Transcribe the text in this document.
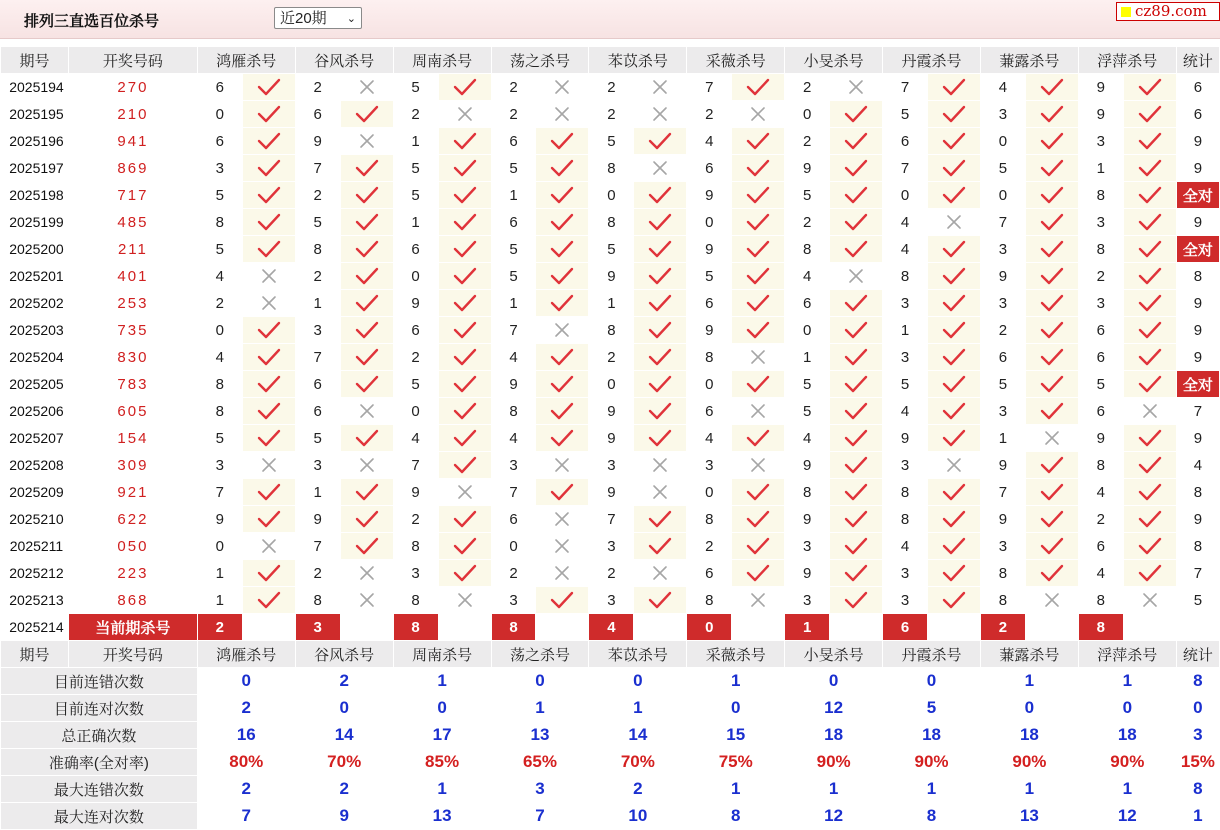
排列三直选百位杀号	近20期 ⌄	cz89.com
期号	开奖号码	鸿雁杀号		谷风杀号		周南杀号		荡之杀号		苯苡杀号		采薇杀号		小旻杀号		丹霞杀号		蒹露杀号		浮萍杀号		统计
2025194	270	6		2		5		2		2		7		2		7		4		9		6
2025195	210	0		6		2		2		2		2		0		5		3		9		6
2025196	941	6		9		1		6		5		4		2		6		0		3		9
2025197	869	3		7		5		5		8		6		9		7		5		1		9
2025198	717	5		2		5		1		0		9		5		0		0		8		全对
2025199	485	8		5		1		6		8		0		2		4		7		3		9
2025200	211	5		8		6		5		5		9		8		4		3		8		全对
2025201	401	4		2		0		5		9		5		4		8		9		2		8
2025202	253	2		1		9		1		1		6		6		3		3		3		9
2025203	735	0		3		6		7		8		9		0		1		2		6		9
2025204	830	4		7		2		4		2		8		1		3		6		6		9
2025205	783	8		6		5		9		0		0		5		5		5		5		全对
2025206	605	8		6		0		8		9		6		5		4		3		6		7
2025207	154	5		5		4		4		9		4		4		9		1		9		9
2025208	309	3		3		7		3		3		3		9		3		9		8		4
2025209	921	7		1		9		7		9		0		8		8		7		4		8
2025210	622	9		9		2		6		7		8		9		8		9		2		9
2025211	050	0		7		8		0		3		2		3		4		3		6		8
2025212	223	1		2		3		2		2		6		9		3		8		4		7
2025213	868	1		8		8		3		3		8		3		3		8		8		5
2025214	当前期杀号	2		3		8		8		4		0		1		6		2		8		
期号	开奖号码	鸿雁杀号		谷风杀号		周南杀号		荡之杀号		苯苡杀号		采薇杀号		小旻杀号		丹霞杀号		蒹露杀号		浮萍杀号		统计
目前连错次数		0		2		1		0		0		1		0		0		1		1		8
目前连对次数		2		0		0		1		1		0		12		5		0		0		0
总正确次数		16		14		17		13		14		15		18		18		18		18		3
准确率(全对率)		80%		70%		85%		65%		70%		75%		90%		90%		90%		90%		15%
最大连错次数		2		2		1		3		2		1		1		1		1		1		8
最大连对次数		7		9		13		7		10		8		12		8		13		12		1
